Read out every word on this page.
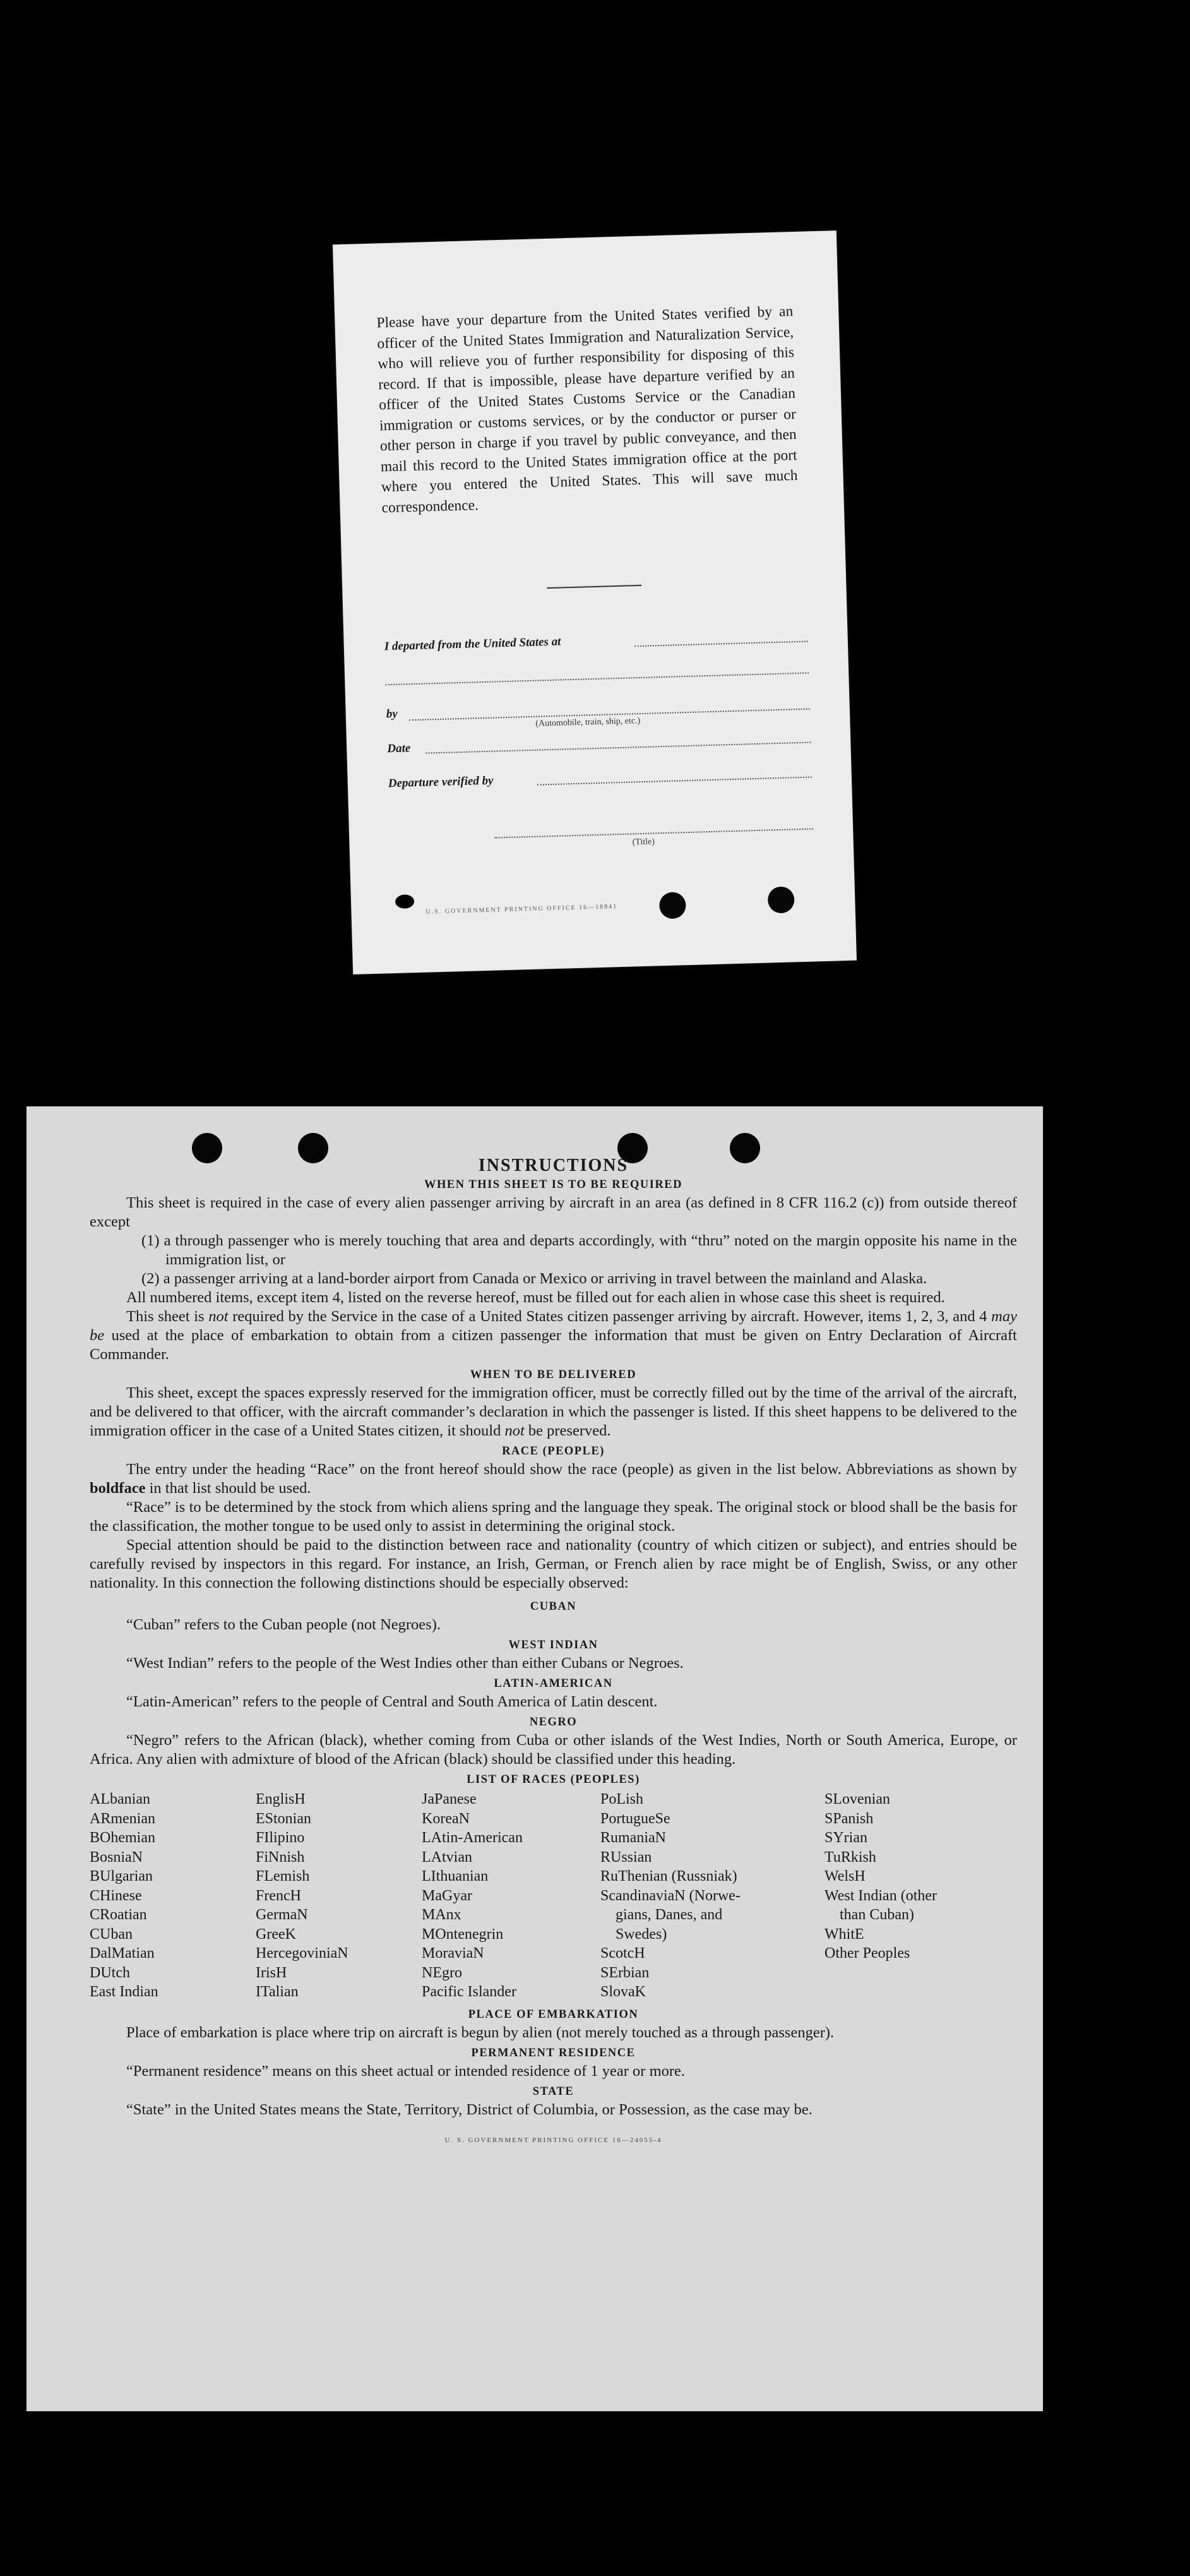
Please have your departure from the United States verified by an officer of the United States Immigration and Naturalization Service, who will relieve you of further responsibility for disposing of this record. If that is impossible, please have departure verified by an officer of the United States Customs Service or the Canadian immigration or customs services, or by the conductor or purser or other person in charge if you travel by public conveyance, and then mail this record to the United States immigration office at the port where you entered the United States. This will save much correspondence.

I departed from the United States at
by
(Automobile, train, ship, etc.)
Date
Departure verified by
(Title)
U.S. GOVERNMENT PRINTING OFFICE 16—18841
INSTRUCTIONS
WHEN THIS SHEET IS TO BE REQUIRED

This sheet is required in the case of every alien passenger arriving by aircraft in an area (as defined in 8 CFR 116.2 (c)) from outside thereof except

(1) a through passenger who is merely touching that area and departs accordingly, with “thru” noted on the margin opposite his name in the immigration list, or

(2) a passenger arriving at a land-border airport from Canada or Mexico or arriving in travel between the mainland and Alaska.

All numbered items, except item 4, listed on the reverse hereof, must be filled out for each alien in whose case this sheet is required.

This sheet is not required by the Service in the case of a United States citizen passenger arriving by aircraft. However, items 1, 2, 3, and 4 may be used at the place of embarkation to obtain from a citizen passenger the information that must be given on Entry Declaration of Aircraft Commander.

WHEN TO BE DELIVERED

This sheet, except the spaces expressly reserved for the immigration officer, must be correctly filled out by the time of the arrival of the aircraft, and be delivered to that officer, with the aircraft commander’s declaration in which the passenger is listed. If this sheet happens to be delivered to the immigration officer in the case of a United States citizen, it should not be preserved.

RACE (PEOPLE)

The entry under the heading “Race” on the front hereof should show the race (people) as given in the list below. Abbreviations as shown by boldface in that list should be used.

“Race” is to be determined by the stock from which aliens spring and the language they speak. The original stock or blood shall be the basis for the classification, the mother tongue to be used only to assist in determining the original stock.

Special attention should be paid to the distinction between race and nationality (country of which citizen or subject), and entries should be carefully revised by inspectors in this regard. For instance, an Irish, German, or French alien by race might be of English, Swiss, or any other nationality. In this connection the following distinctions should be especially observed:

CUBAN

“Cuban” refers to the Cuban people (not Negroes).

WEST INDIAN

“West Indian” refers to the people of the West Indies other than either Cubans or Negroes.

LATIN-AMERICAN

“Latin-American” refers to the people of Central and South America of Latin descent.

NEGRO

“Negro” refers to the African (black), whether coming from Cuba or other islands of the West Indies, North or South America, Europe, or Africa. Any alien with admixture of blood of the African (black) should be classified under this heading.

LIST OF RACES (PEOPLES)
ALbanian
ARmenian
BOhemian
BosniaN
BUlgarian
CHinese
CRoatian
CUban
DalMatian
DUtch
East Indian
EnglisH
EStonian
FIlipino
FiNnish
FLemish
FrencH
GermaN
GreeK
HercegoviniaN
IrisH
ITalian
JaPanese
KoreaN
LAtin-American
LAtvian
LIthuanian
MaGyar
MAnx
MOntenegrin
MoraviaN
NEgro
Pacific Islander
PoLish
PortugueSe
RumaniaN
RUssian
RuThenian (Russniak)
ScandinaviaN (Norwe-
gians, Danes, and
Swedes)
ScotcH
SErbian
SlovaK
SLovenian
SPanish
SYrian
TuRkish
WelsH
West Indian (other
than Cuban)
WhitE
Other Peoples
PLACE OF EMBARKATION

Place of embarkation is place where trip on aircraft is begun by alien (not merely touched as a through passenger).

PERMANENT RESIDENCE

“Permanent residence” means on this sheet actual or intended residence of 1 year or more.

STATE

“State” in the United States means the State, Territory, District of Columbia, or Possession, as the case may be.

U. S. GOVERNMENT PRINTING OFFICE 16—24055-4
